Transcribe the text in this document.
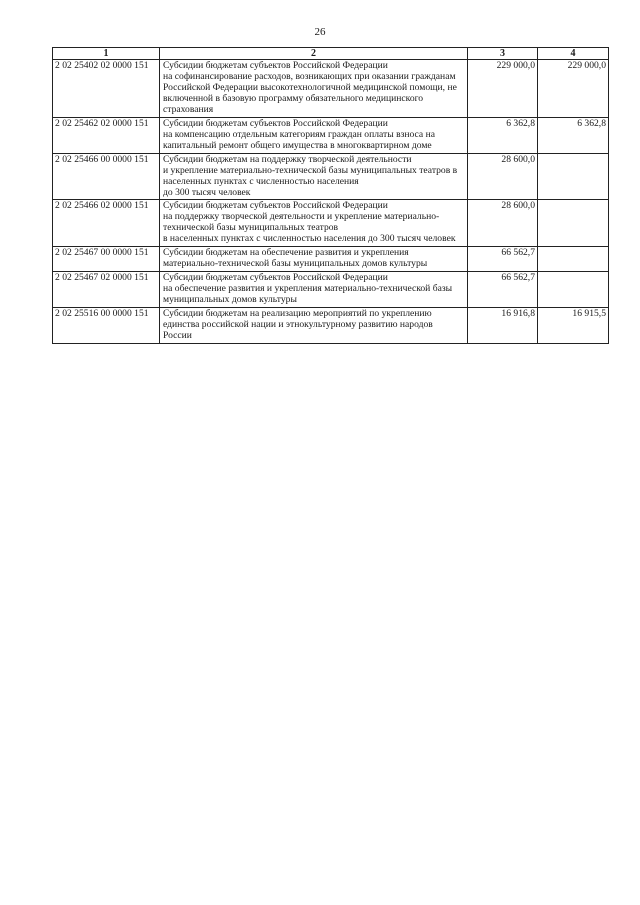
26
1	2	3	4
2 02 25402 02 0000 151	Субсидии бюджетам субъектов Российской Федерации
на софинансирование расходов, возникающих при оказании гражданам Российской Федерации высокотехнологичной медицинской помощи, не включенной в базовую программу обязательного медицинского страхования	229 000,0	229 000,0
2 02 25462 02 0000 151	Субсидии бюджетам субъектов Российской Федерации
на компенсацию отдельным категориям граждан оплаты взноса на капитальный ремонт общего имущества в многоквартирном доме	6 362,8	6 362,8
2 02 25466 00 0000 151	Субсидии бюджетам на поддержку творческой деятельности
и укрепление материально-технической базы муниципальных театров в населенных пунктах с численностью населения
до 300 тысяч человек	28 600,0	
2 02 25466 02 0000 151	Субсидии бюджетам субъектов Российской Федерации
на поддержку творческой деятельности и укрепление материально-технической базы муниципальных театров
в населенных пунктах с численностью населения до 300 тысяч человек	28 600,0	
2 02 25467 00 0000 151	Субсидии бюджетам на обеспечение развития и укрепления материально-технической базы муниципальных домов культуры	66 562,7	
2 02 25467 02 0000 151	Субсидии бюджетам субъектов Российской Федерации
на обеспечение развития и укрепления материально-технической базы муниципальных домов культуры	66 562,7	
2 02 25516 00 0000 151	Субсидии бюджетам на реализацию мероприятий по укреплению единства российской нации и этнокультурному развитию народов России	16 916,8	16 915,5
